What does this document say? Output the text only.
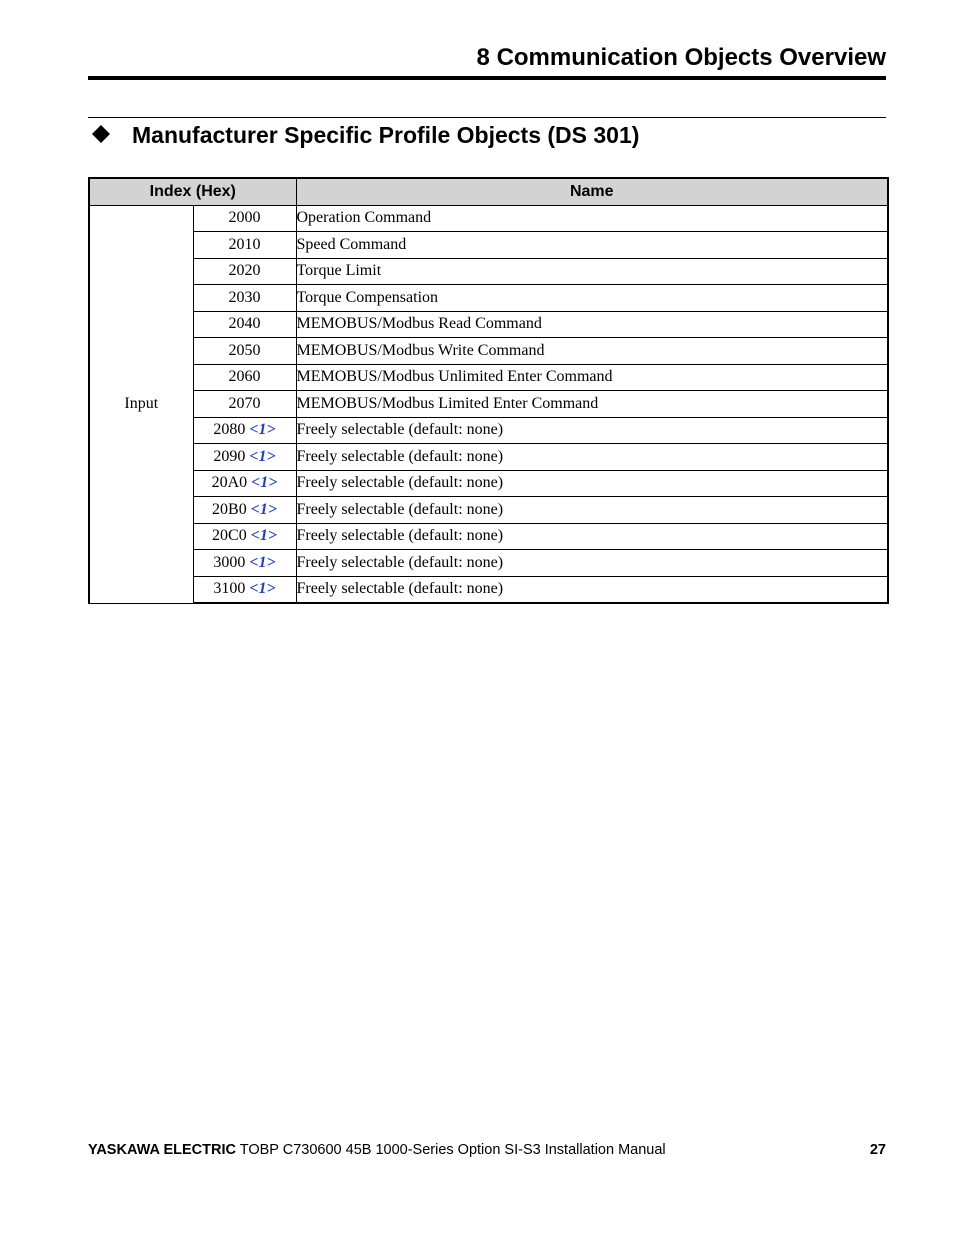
8 Communication Objects Overview
Manufacturer Specific Profile Objects (DS 301)
Index (Hex)		Name
Input	2000	Operation Command
	2010	Speed Command
	2020	Torque Limit
	2030	Torque Compensation
	2040	MEMOBUS/Modbus Read Command
	2050	MEMOBUS/Modbus Write Command
	2060	MEMOBUS/Modbus Unlimited Enter Command
	2070	MEMOBUS/Modbus Limited Enter Command
	2080 <1>	Freely selectable (default: none)
	2090 <1>	Freely selectable (default: none)
	20A0 <1>	Freely selectable (default: none)
	20B0 <1>	Freely selectable (default: none)
	20C0 <1>	Freely selectable (default: none)
	3000 <1>	Freely selectable (default: none)
	3100 <1>	Freely selectable (default: none)
YASKAWA ELECTRIC TOBP C730600 45B 1000-Series Option SI-S3 Installation Manual	27
